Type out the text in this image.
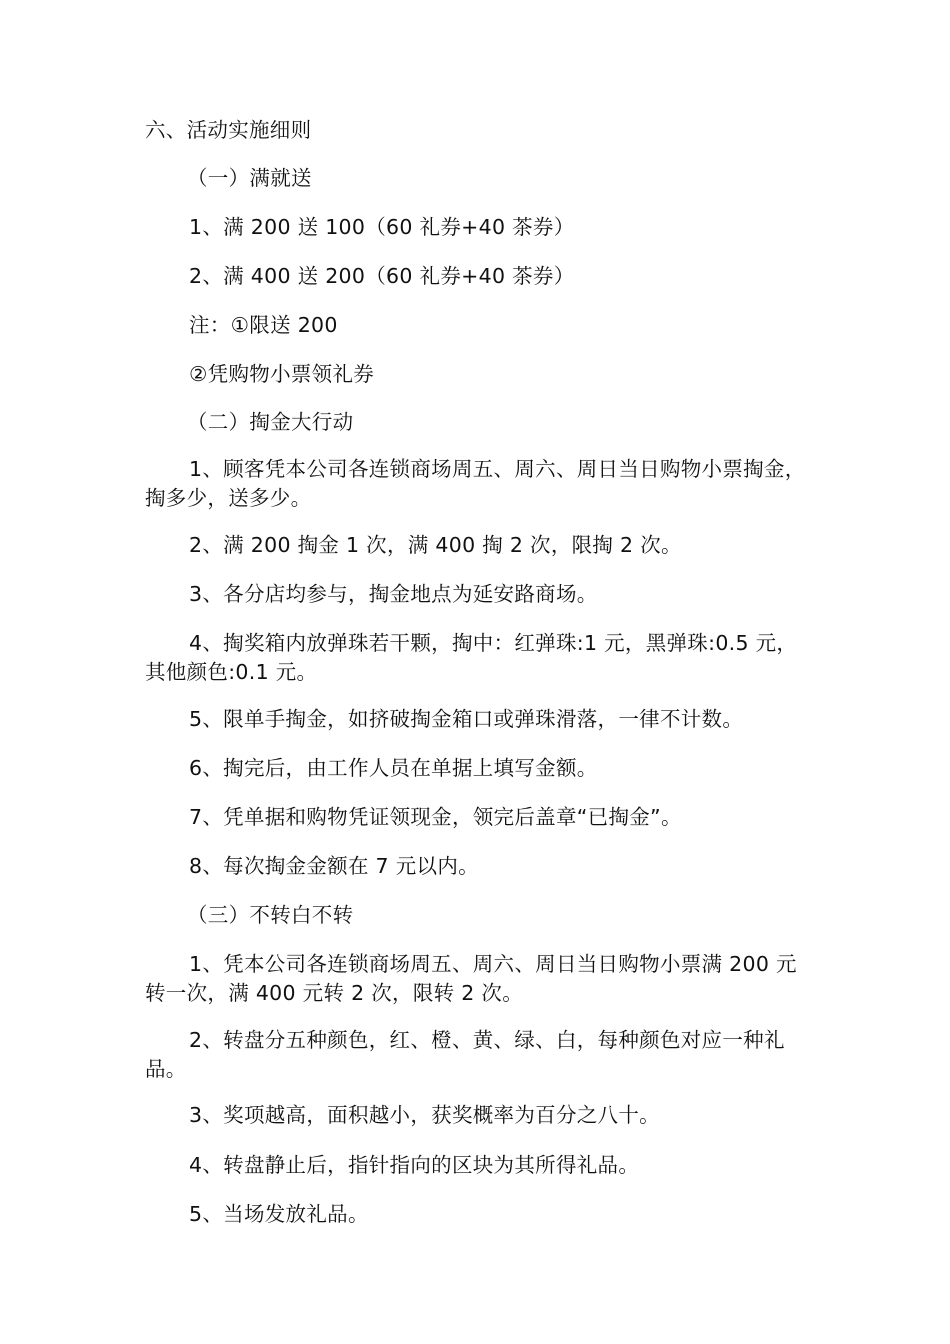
六、活动实施细则
（一）满就送
1、满 200 送 100（60 礼券+40 茶券）
2、满 400 送 200（60 礼券+40 茶券）
注：①限送 200
②凭购物小票领礼券
（二）掏金大行动
1、顾客凭本公司各连锁商场周五、周六、周日当日购物小票掏金，掏多少，送多少。
2、满 200 掏金 1 次，满 400 掏 2 次，限掏 2 次。
3、各分店均参与，掏金地点为延安路商场。
4、掏奖箱内放弹珠若干颗，掏中：红弹珠:1 元，黑弹珠:0.5 元，其他颜色:0.1 元。
5、限单手掏金，如挤破掏金箱口或弹珠滑落，一律不计数。
6、掏完后，由工作人员在单据上填写金额。
7、凭单据和购物凭证领现金，领完后盖章“已掏金”。
8、每次掏金金额在 7 元以内。
（三）不转白不转
1、凭本公司各连锁商场周五、周六、周日当日购物小票满 200 元转一次，满 400 元转 2 次，限转 2 次。
2、转盘分五种颜色，红、橙、黄、绿、白，每种颜色对应一种礼品。
3、奖项越高，面积越小，获奖概率为百分之八十。
4、转盘静止后，指针指向的区块为其所得礼品。
5、当场发放礼品。
